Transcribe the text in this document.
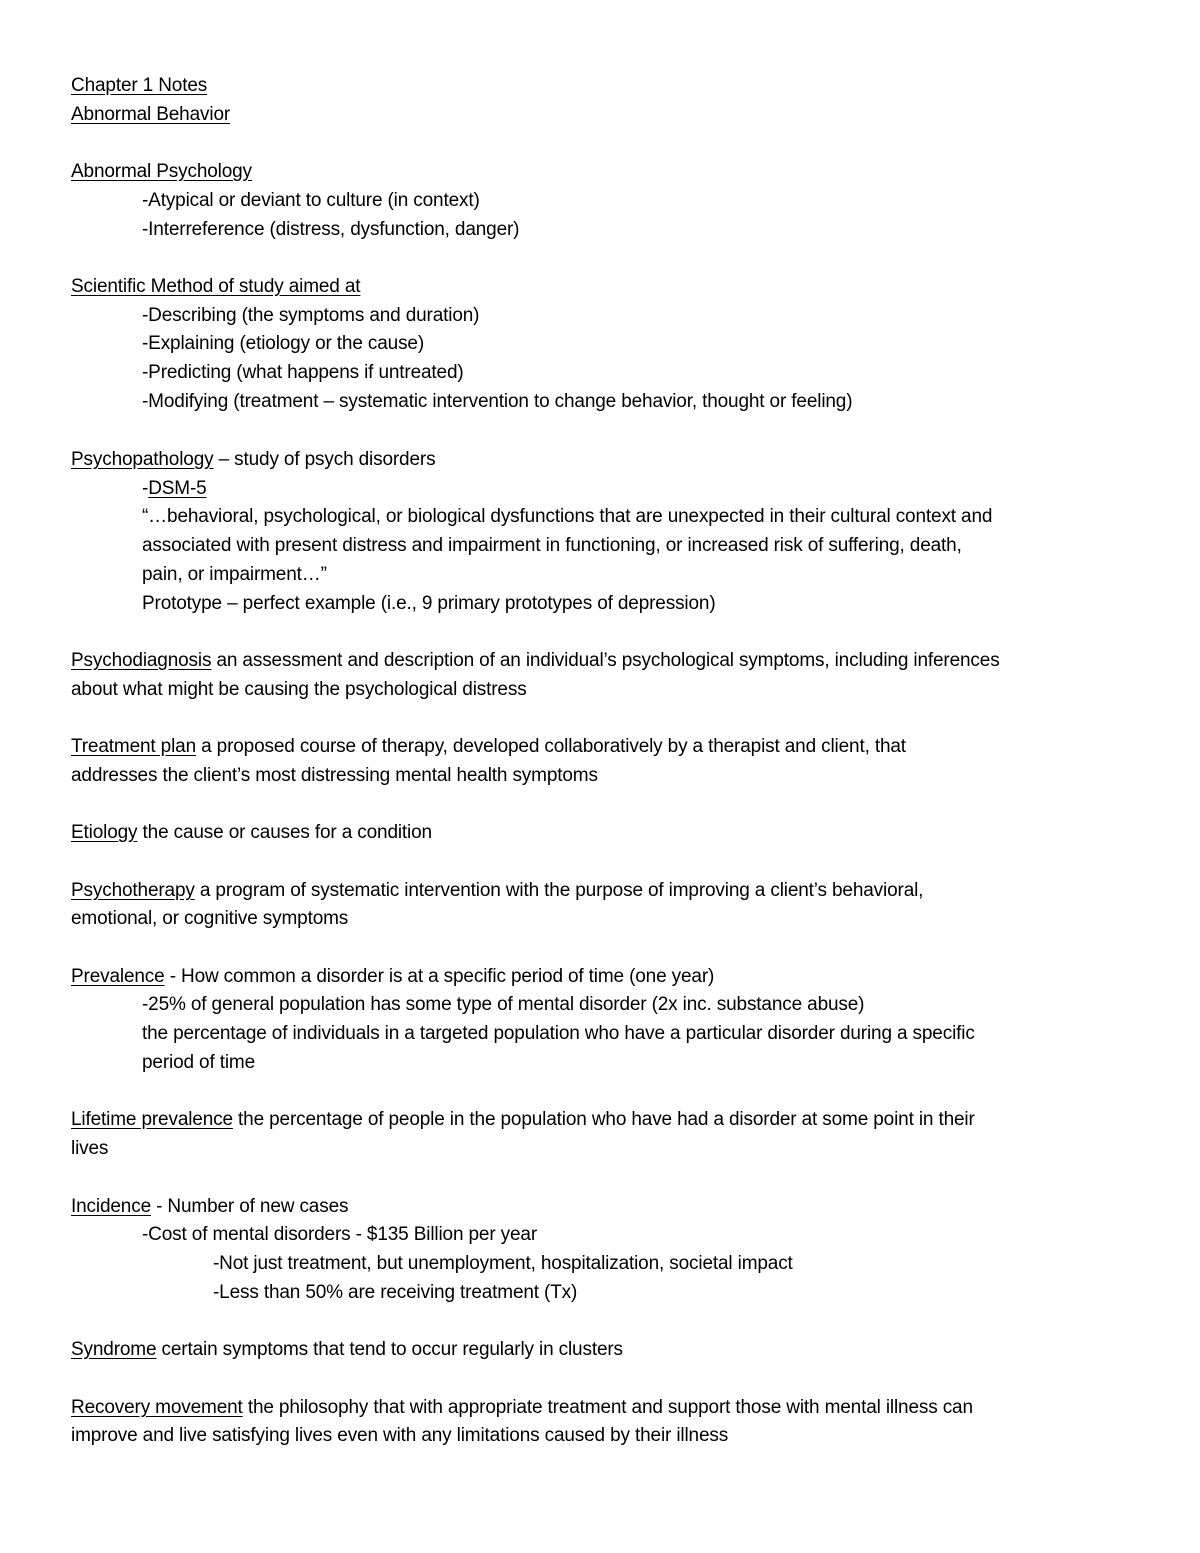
Chapter 1 Notes
Abnormal Behavior
Abnormal Psychology
-Atypical or deviant to culture (in context)
-Interreference (distress, dysfunction, danger)
Scientific Method of study aimed at
-Describing (the symptoms and duration)
-Explaining (etiology or the cause)
-Predicting (what happens if untreated)
-Modifying (treatment – systematic intervention to change behavior, thought or feeling)
Psychopathology – study of psych disorders
-DSM-5
“…behavioral, psychological, or biological dysfunctions that are unexpected in their cultural context and
associated with present distress and impairment in functioning, or increased risk of suffering, death,
pain, or impairment…”
Prototype – perfect example (i.e., 9 primary prototypes of depression)
Psychodiagnosis an assessment and description of an individual’s psychological symptoms, including inferences
about what might be causing the psychological distress
Treatment plan a proposed course of therapy, developed collaboratively by a therapist and client, that
addresses the client’s most distressing mental health symptoms
Etiology the cause or causes for a condition
Psychotherapy a program of systematic intervention with the purpose of improving a client’s behavioral,
emotional, or cognitive symptoms
Prevalence - How common a disorder is at a specific period of time (one year)
-25% of general population has some type of mental disorder (2x inc. substance abuse)
the percentage of individuals in a targeted population who have a particular disorder during a specific
period of time
Lifetime prevalence the percentage of people in the population who have had a disorder at some point in their
lives
Incidence - Number of new cases
-Cost of mental disorders - $135 Billion per year
-Not just treatment, but unemployment, hospitalization, societal impact
-Less than 50% are receiving treatment (Tx)
Syndrome certain symptoms that tend to occur regularly in clusters
Recovery movement the philosophy that with appropriate treatment and support those with mental illness can
improve and live satisfying lives even with any limitations caused by their illness
